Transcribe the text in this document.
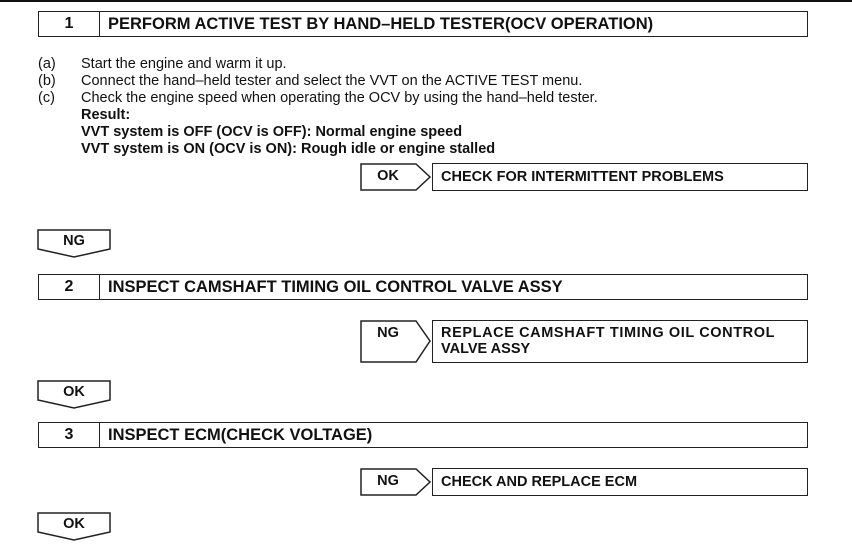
1	PERFORM ACTIVE TEST BY HAND–HELD TESTER(OCV OPERATION)
(a) Start the engine and warm it up.
(b) Connect the hand–held tester and select the VVT on the ACTIVE TEST menu.
(c) Check the engine speed when operating the OCV by using the hand–held tester.
Result:
VVT system is OFF (OCV is OFF): Normal engine speed
VVT system is ON (OCV is ON): Rough idle or engine stalled
OK	CHECK FOR INTERMITTENT PROBLEMS
NG
2	INSPECT CAMSHAFT TIMING OIL CONTROL VALVE ASSY
NG	REPLACE CAMSHAFT TIMING OIL CONTROL
VALVE ASSY
OK
3	INSPECT ECM(CHECK VOLTAGE)
NG	CHECK AND REPLACE ECM
OK
